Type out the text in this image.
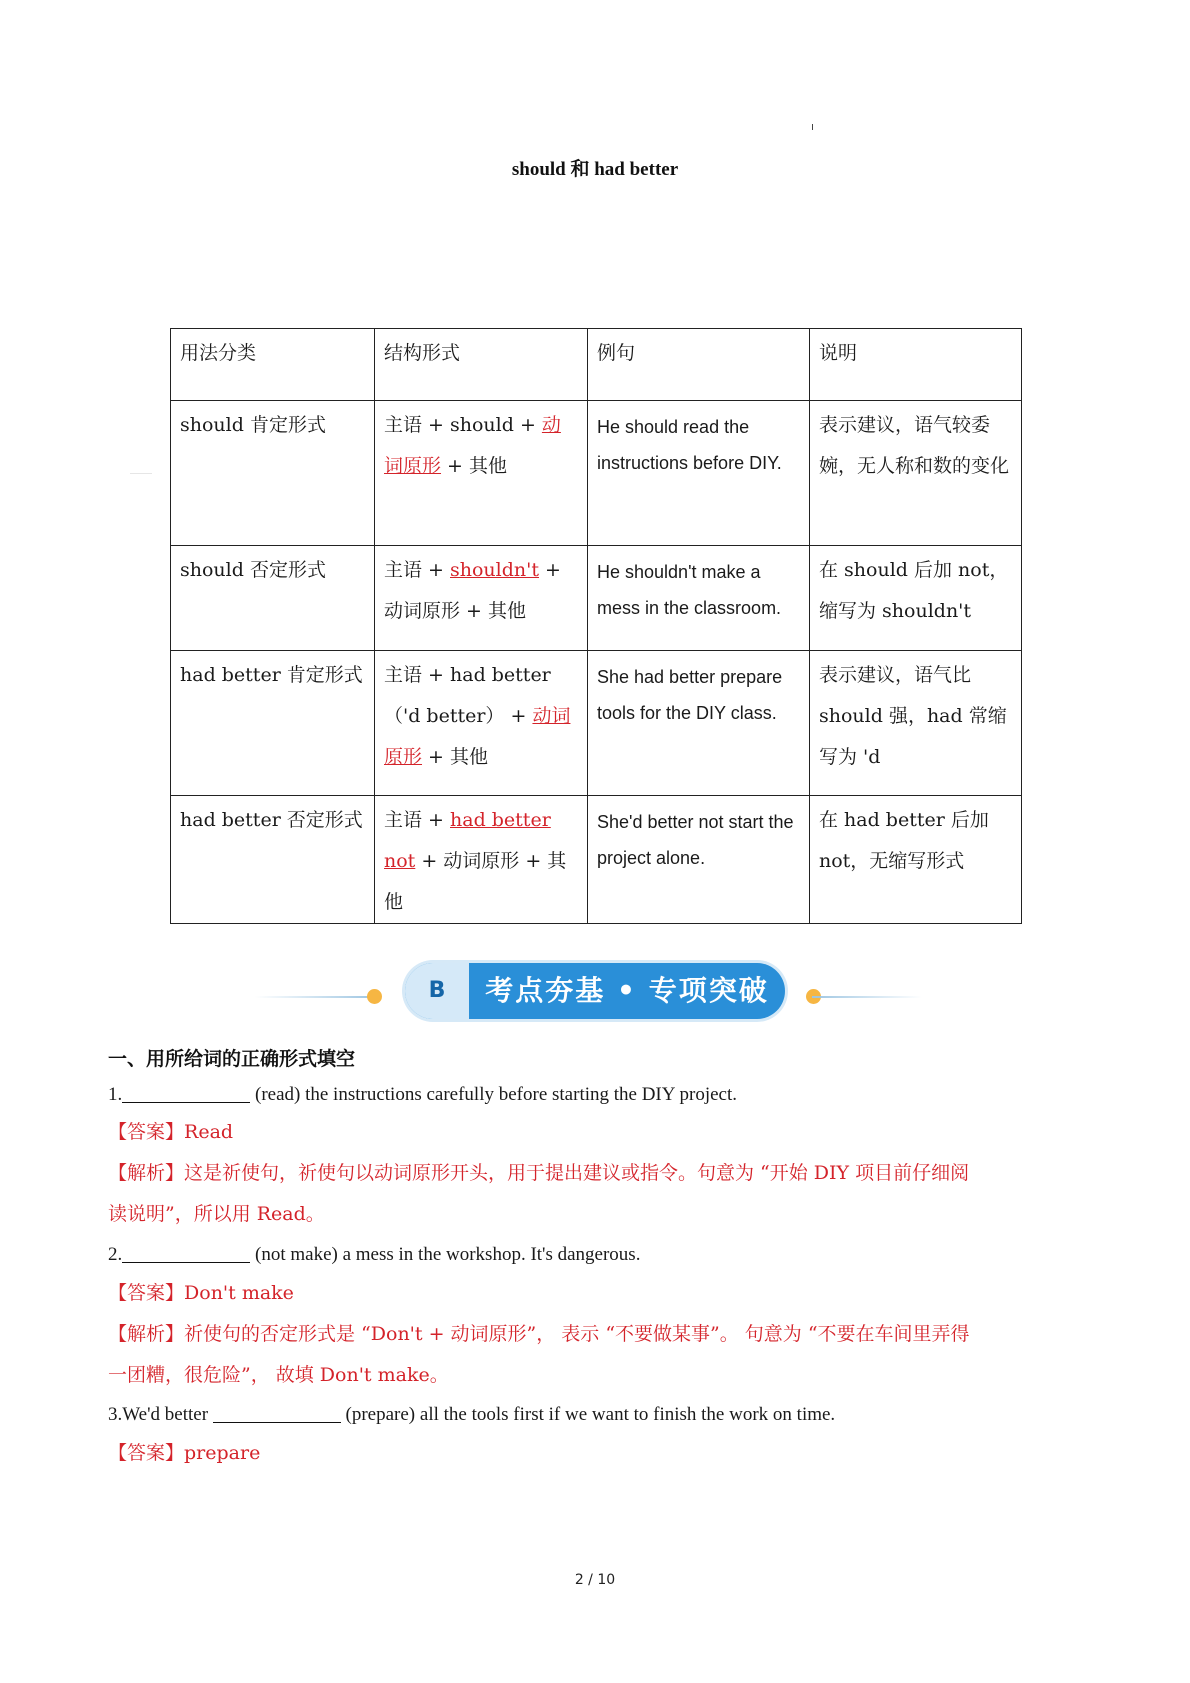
should 和 had better
用法分类	结构形式	例句	说明
should 肯定形式	主语 + should + 动词原形 + 其他	He should read the instructions before DIY.	表示建议，语气较委婉，无人称和数的变化
should 否定形式	主语 + shouldn't + 动词原形 + 其他	He shouldn't make a mess in the classroom.	在 should 后加 not，缩写为 shouldn't
had better 肯定形式	主语 + had better（'d better） + 动词原形 + 其他	She had better prepare tools for the DIY class.	表示建议，语气比 should 强，had 常缩写为 'd
had better 否定形式	主语 + had better not + 动词原形 + 其他	She'd better not start the project alone.	在 had better 后加 not，无缩写形式
B	考点夯基 • 专项突破
一、用所给词的正确形式填空
1.	(read) the instructions carefully before starting the DIY project.
【答案】Read
【解析】这是祈使句，祈使句以动词原形开头，用于提出建议或指令。句意为 “开始 DIY 项目前仔细阅
读说明”，所以用 Read。
2.	(not make) a mess in the workshop. It's dangerous.
【答案】Don't make
【解析】祈使句的否定形式是 “Don't + 动词原形”， 表示 “不要做某事”。 句意为 “不要在车间里弄得
一团糟，很危险”， 故填 Don't make。
3.We'd better	(prepare) all the tools first if we want to finish the work on time.
【答案】prepare
2 / 10
